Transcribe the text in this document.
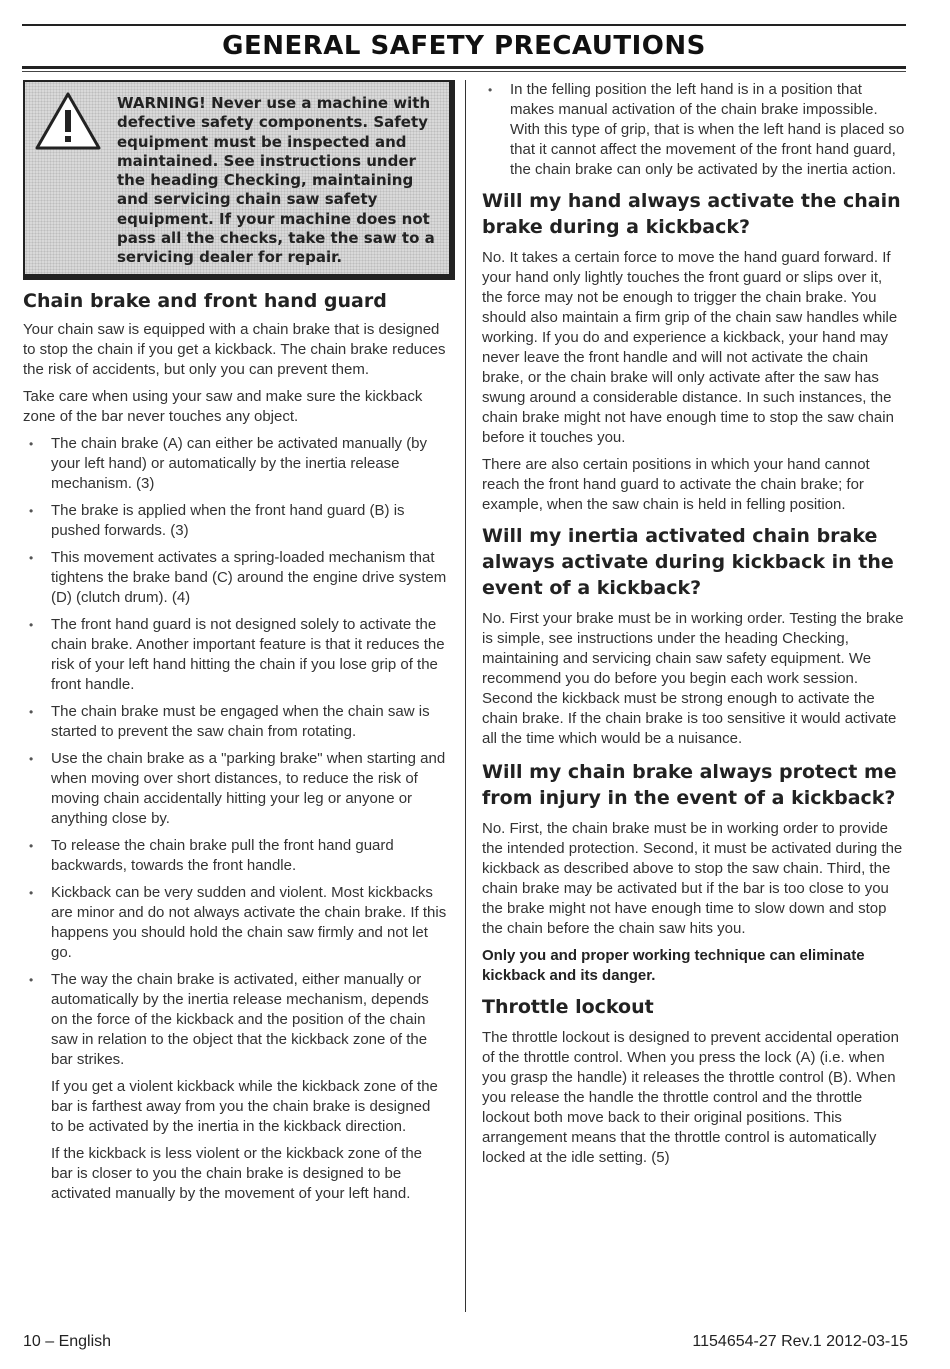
GENERAL SAFETY PRECAUTIONS

WARNING! Never use a machine with defective safety components. Safety equipment must be inspected and maintained. See instructions under the heading Checking, maintaining and servicing chain saw safety equipment. If your machine does not pass all the checks, take the saw to a servicing dealer for repair.

Chain brake and front hand guard

Your chain saw is equipped with a chain brake that is designed to stop the chain if you get a kickback. The chain brake reduces the risk of accidents, but only you can prevent them.

Take care when using your saw and make sure the kickback zone of the bar never touches any object.

• The chain brake (A) can either be activated manually (by your left hand) or automatically by the inertia release mechanism. (3)
• The brake is applied when the front hand guard (B) is pushed forwards. (3)
• This movement activates a spring-loaded mechanism that tightens the brake band (C) around the engine drive system (D) (clutch drum). (4)
• The front hand guard is not designed solely to activate the chain brake. Another important feature is that it reduces the risk of your left hand hitting the chain if you lose grip of the front handle.
• The chain brake must be engaged when the chain saw is started to prevent the saw chain from rotating.
• Use the chain brake as a "parking brake" when starting and when moving over short distances, to reduce the risk of moving chain accidentally hitting your leg or anyone or anything close by.
• To release the chain brake pull the front hand guard backwards, towards the front handle.
• Kickback can be very sudden and violent. Most kickbacks are minor and do not always activate the chain brake. If this happens you should hold the chain saw firmly and not let go.
• The way the chain brake is activated, either manually or automatically by the inertia release mechanism, depends on the force of the kickback and the position of the chain saw in relation to the object that the kickback zone of the bar strikes.

If you get a violent kickback while the kickback zone of the bar is farthest away from you the chain brake is designed to be activated by the inertia in the kickback direction.

If the kickback is less violent or the kickback zone of the bar is closer to you the chain brake is designed to be activated manually by the movement of your left hand.

• In the felling position the left hand is in a position that makes manual activation of the chain brake impossible. With this type of grip, that is when the left hand is placed so that it cannot affect the movement of the front hand guard, the chain brake can only be activated by the inertia action.
Will my hand always activate the chain brake during a kickback?

No. It takes a certain force to move the hand guard forward. If your hand only lightly touches the front guard or slips over it, the force may not be enough to trigger the chain brake. You should also maintain a firm grip of the chain saw handles while working. If you do and experience a kickback, your hand may never leave the front handle and will not activate the chain brake, or the chain brake will only activate after the saw has swung around a considerable distance. In such instances, the chain brake might not have enough time to stop the saw chain before it touches you.

There are also certain positions in which your hand cannot reach the front hand guard to activate the chain brake; for example, when the saw chain is held in felling position.

Will my inertia activated chain brake always activate during kickback in the event of a kickback?

No. First your brake must be in working order. Testing the brake is simple, see instructions under the heading Checking, maintaining and servicing chain saw safety equipment. We recommend you do before you begin each work session. Second the kickback must be strong enough to activate the chain brake. If the chain brake is too sensitive it would activate all the time which would be a nuisance.

Will my chain brake always protect me from injury in the event of a kickback?

No. First, the chain brake must be in working order to provide the intended protection. Second, it must be activated during the kickback as described above to stop the saw chain. Third, the chain brake may be activated but if the bar is too close to you the brake might not have enough time to slow down and stop the chain before the chain saw hits you.

Only you and proper working technique can eliminate kickback and its danger.

Throttle lockout

The throttle lockout is designed to prevent accidental operation of the throttle control. When you press the lock (A) (i.e. when you grasp the handle) it releases the throttle control (B). When you release the handle the throttle control and the throttle lockout both move back to their original positions. This arrangement means that the throttle control is automatically locked at the idle setting. (5)

10 – English	1154654-27 Rev.1 2012-03-15
